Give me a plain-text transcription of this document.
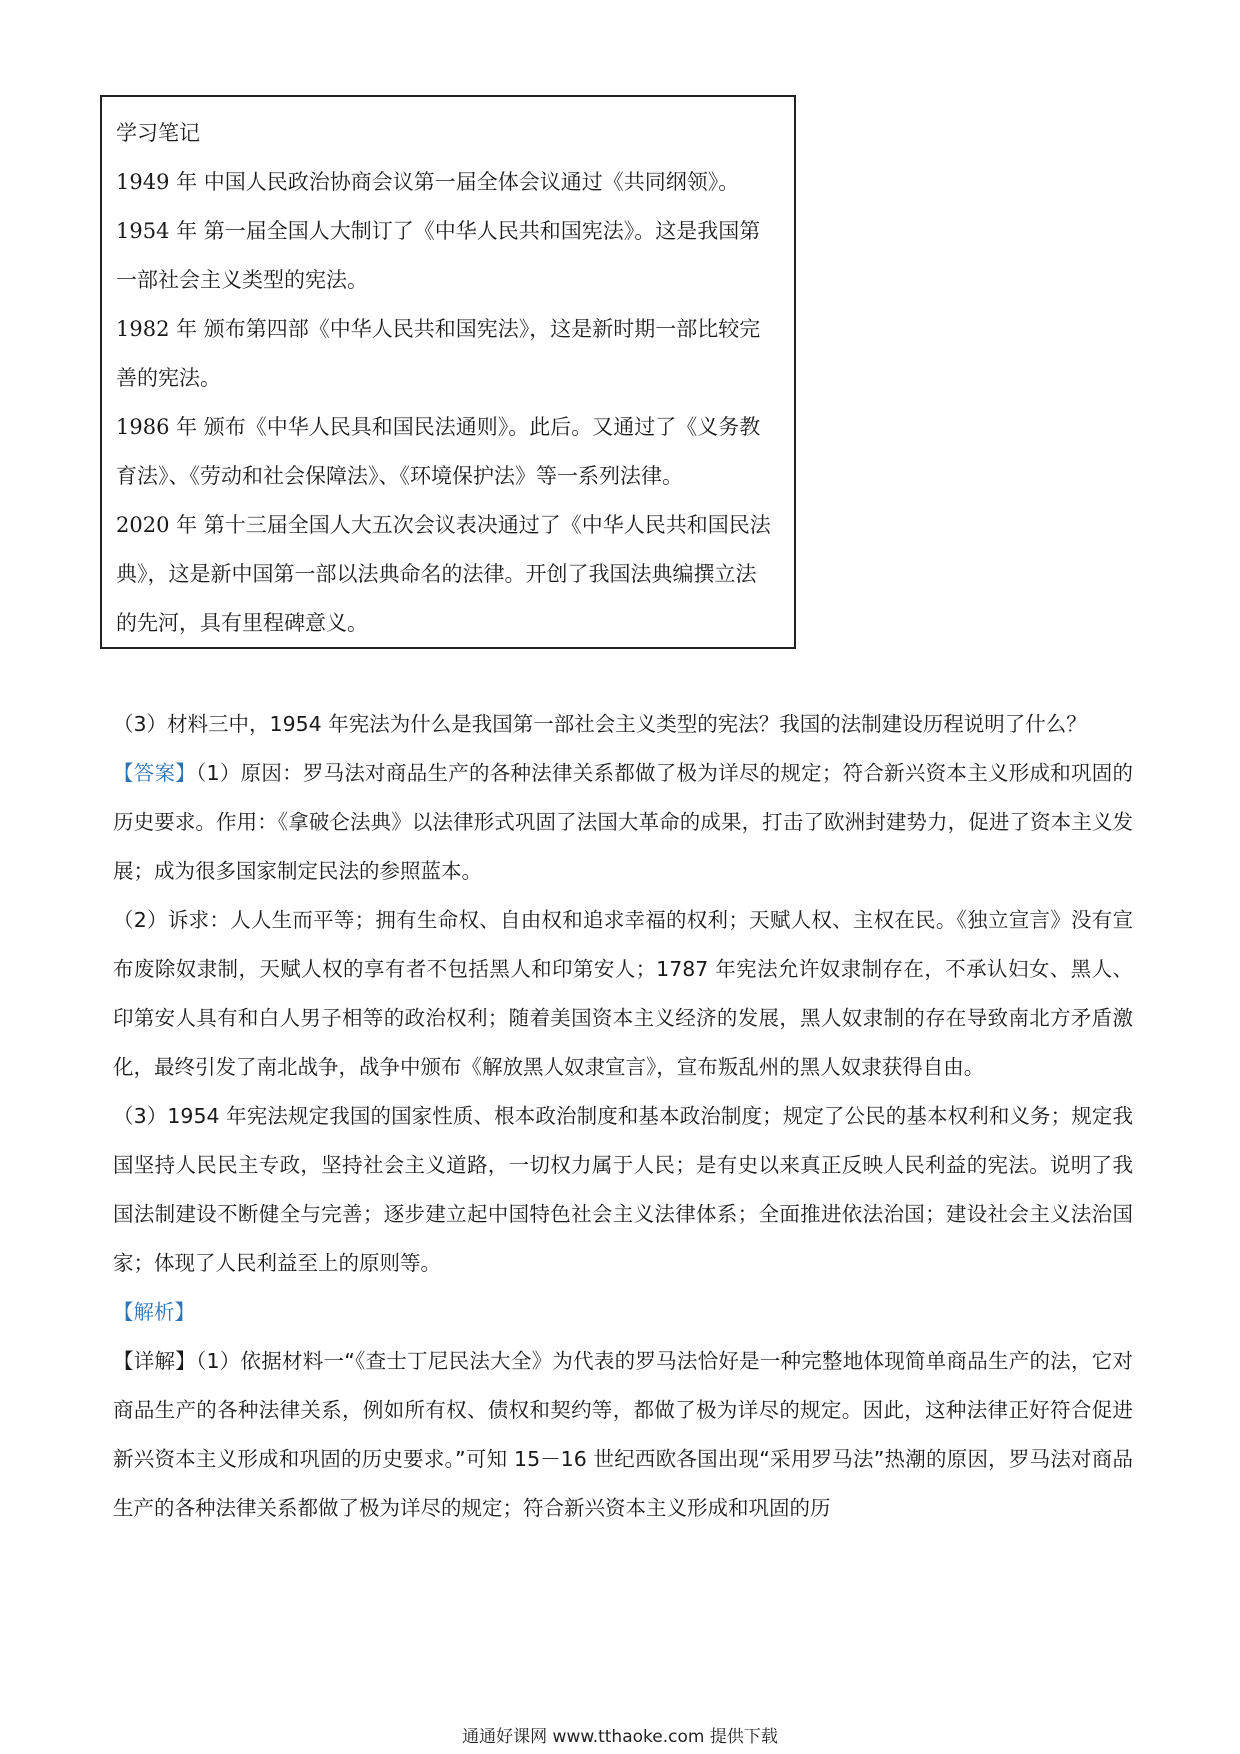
学习笔记
1949 年 中国人民政治协商会议第一届全体会议通过《共同纲领》。
1954 年 第一届全国人大制订了《中华人民共和国宪法》。这是我国第
一部社会主义类型的宪法。
1982 年 颁布第四部《中华人民共和国宪法》，这是新时期一部比较完
善的宪法。
1986 年 颁布《中华人民具和国民法通则》。此后。又通过了《义务教
育法》、《劳动和社会保障法》、《环境保护法》等一系列法律。
2020 年 第十三届全国人大五次会议表决通过了《中华人民共和国民法
典》，这是新中国第一部以法典命名的法律。开创了我国法典编撰立法
的先河，具有里程碑意义。

（3）材料三中，1954 年宪法为什么是我国第一部社会主义类型的宪法？我国的法制建设历程说明了什么？

【答案】（1）原因：罗马法对商品生产的各种法律关系都做了极为详尽的规定；符合新兴资本主义形成和巩固的历史要求。作用：《拿破仑法典》以法律形式巩固了法国大革命的成果，打击了欧洲封建势力，促进了资本主义发展；成为很多国家制定民法的参照蓝本。

（2）诉求：人人生而平等；拥有生命权、自由权和追求幸福的权利；天赋人权、主权在民。《独立宣言》没有宣布废除奴隶制，天赋人权的享有者不包括黑人和印第安人；1787 年宪法允许奴隶制存在，不承认妇女、黑人、印第安人具有和白人男子相等的政治权利；随着美国资本主义经济的发展，黑人奴隶制的存在导致南北方矛盾激化，最终引发了南北战争，战争中颁布《解放黑人奴隶宣言》，宣布叛乱州的黑人奴隶获得自由。

（3）1954 年宪法规定我国的国家性质、根本政治制度和基本政治制度；规定了公民的基本权利和义务；规定我国坚持人民民主专政，坚持社会主义道路，一切权力属于人民；是有史以来真正反映人民利益的宪法。说明了我国法制建设不断健全与完善；逐步建立起中国特色社会主义法律体系；全面推进依法治国；建设社会主义法治国家；体现了人民利益至上的原则等。

【解析】

【详解】（1）依据材料一“《查士丁尼民法大全》为代表的罗马法恰好是一种完整地体现简单商品生产的法，它对商品生产的各种法律关系，例如所有权、债权和契约等，都做了极为详尽的规定。因此，这种法律正好符合促进新兴资本主义形成和巩固的历史要求。”可知 15－16 世纪西欧各国出现“采用罗马法”热潮的原因，罗马法对商品生产的各种法律关系都做了极为详尽的规定；符合新兴资本主义形成和巩固的历

通通好课网 www.tthaoke.com 提供下载
